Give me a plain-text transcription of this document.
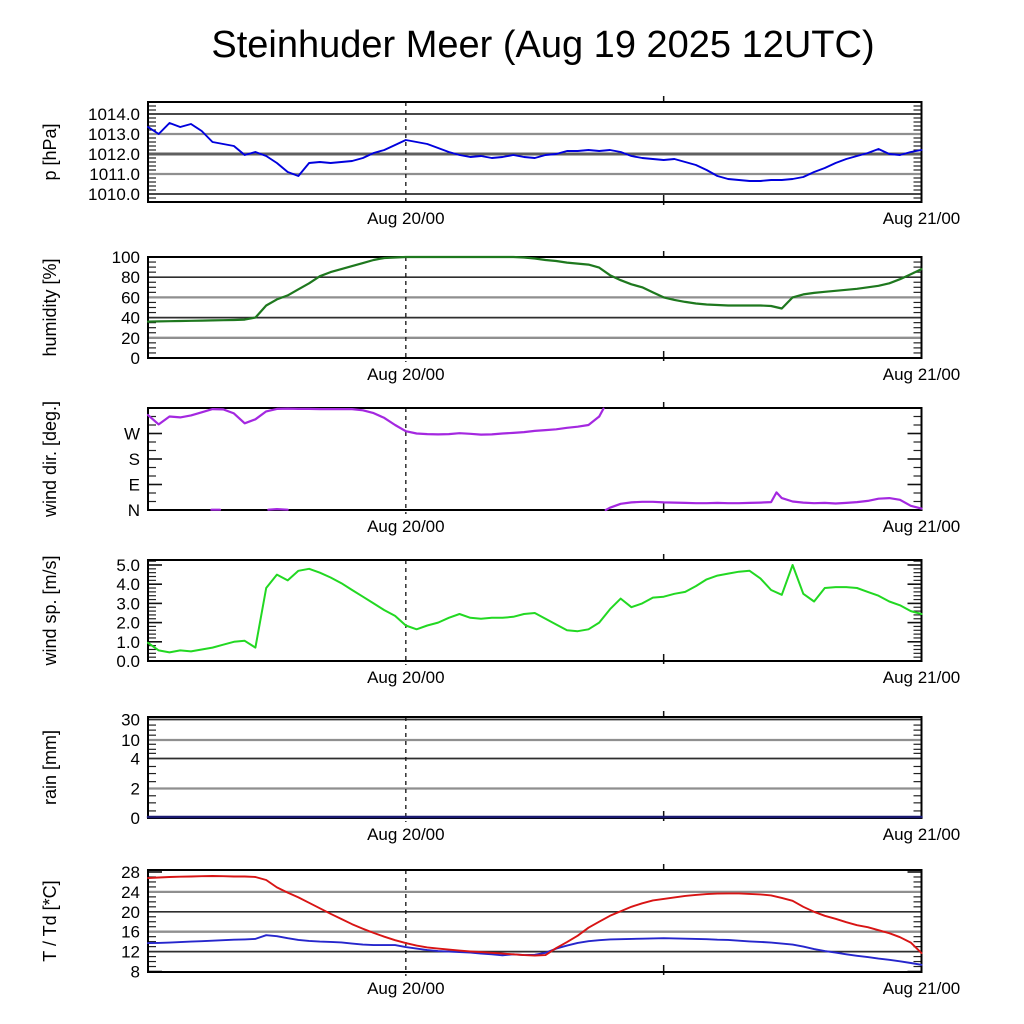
Steinhuder Meer (Aug 19 2025 12UTC)
1010.0
1011.0
1012.0
1013.0
1014.0
p [hPa]
Aug 20/00	Aug 21/00
0
20
40
60
80
100
humidity [%]
Aug 20/00	Aug 21/00
N
E
S
W
wind dir. [deg.]
Aug 20/00	Aug 21/00
0.0
1.0
2.0
3.0
4.0
5.0
wind sp. [m/s]
Aug 20/00	Aug 21/00
0
2
4
10
30
rain [mm]
Aug 20/00	Aug 21/00
8
12
16
20
24
28
T / Td [*C]
Aug 20/00	Aug 21/00
